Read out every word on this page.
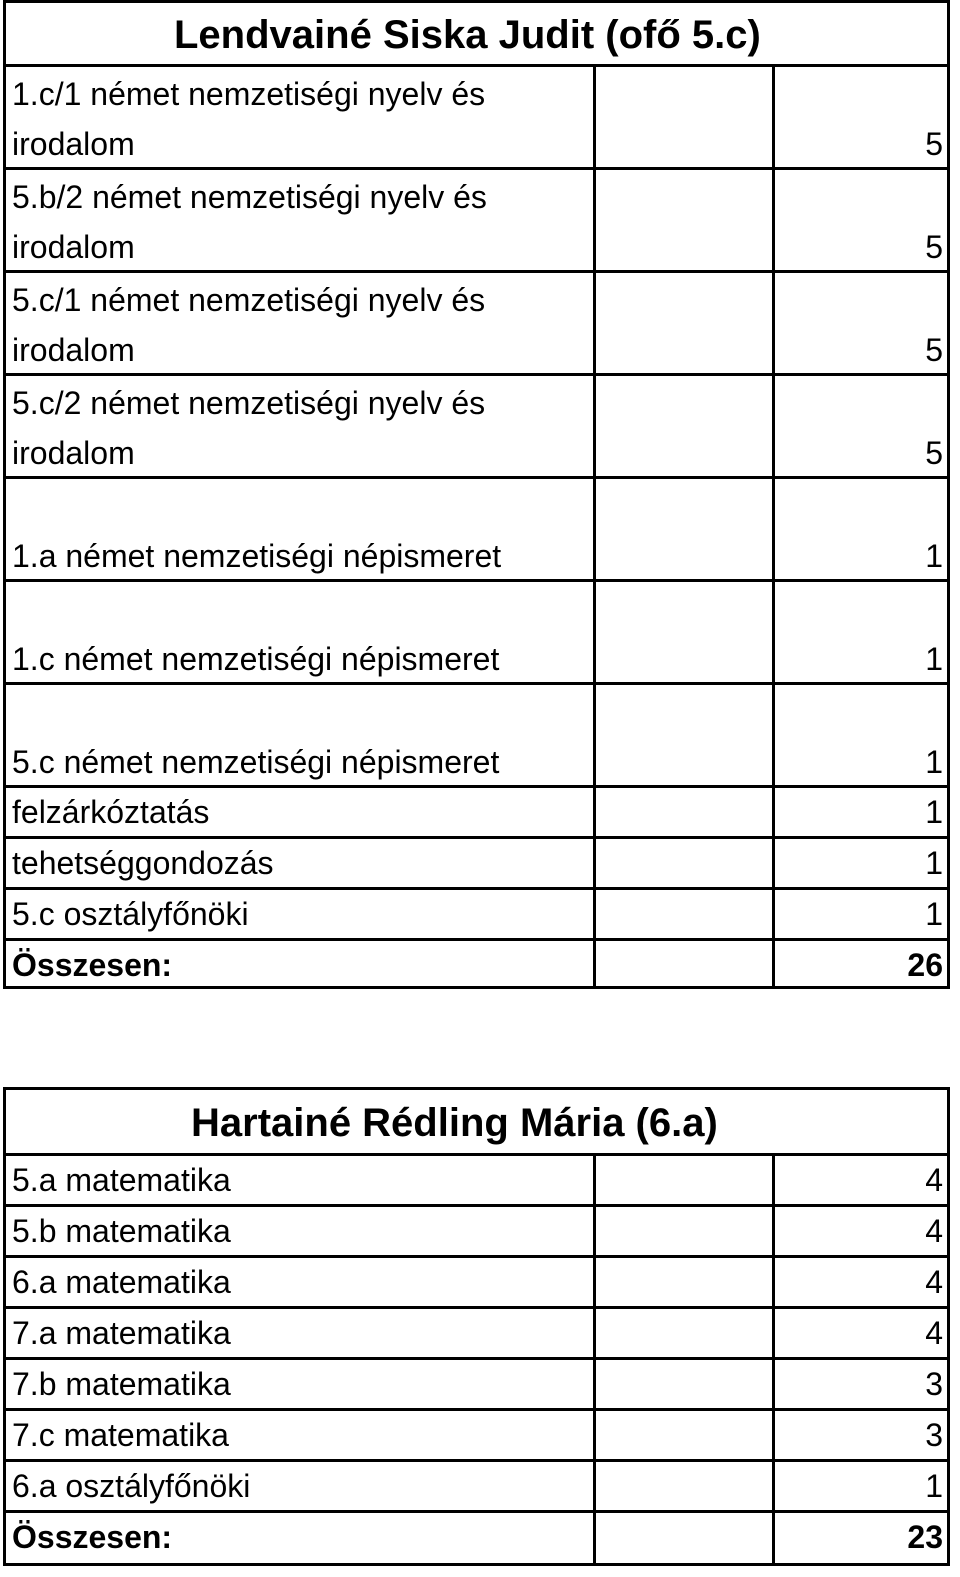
Lendvainé Siska Judit (ofő 5.c)
1.c/1 német nemzetiségi nyelv és
irodalom	5
5.b/2 német nemzetiségi nyelv és
irodalom	5
5.c/1 német nemzetiségi nyelv és
irodalom	5
5.c/2 német nemzetiségi nyelv és
irodalom	5
1.a német nemzetiségi népismeret	1
1.c német nemzetiségi népismeret	1
5.c német nemzetiségi népismeret	1
felzárkóztatás	1
tehetséggondozás	1
5.c osztályfőnöki	1
Összesen:	26
Hartainé Rédling Mária (6.a)
5.a matematika	4
5.b matematika	4
6.a matematika	4
7.a matematika	4
7.b matematika	3
7.c matematika	3
6.a osztályfőnöki	1
Összesen:	23
